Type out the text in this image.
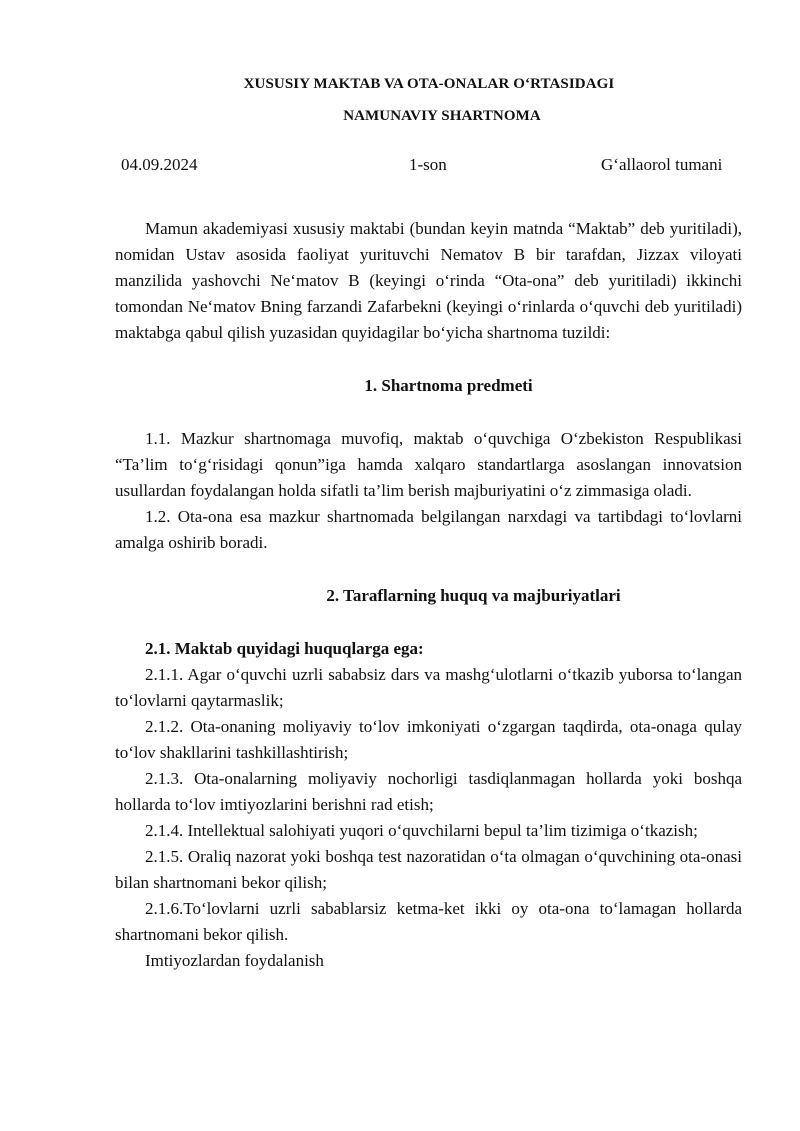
XUSUSIY MAKTAB VA OTA-ONALAR O‘RTASIDAGI
NAMUNAVIY SHARTNOMA
04.09.2024	1-son	G‘allaorol tumani

Mamun akademiyasi xususiy maktabi (bundan keyin matnda “Maktab” deb yuritiladi), nomidan Ustav asosida faoliyat yurituvchi Nematov B bir tarafdan, Jizzax viloyati manzilida yashovchi Ne‘matov B (keyingi o‘rinda “Ota-ona” deb yuritiladi) ikkinchi tomondan Ne‘matov Bning farzandi Zafarbekni (keyingi o‘rinlarda o‘quvchi deb yuritiladi) maktabga qabul qilish yuzasidan quyidagilar bo‘yicha shartnoma tuzildi:

1. Shartnoma predmeti

1.1. Mazkur shartnomaga muvofiq, maktab o‘quvchiga O‘zbekiston Respublikasi “Ta’lim to‘g‘risidagi qonun”iga hamda xalqaro standartlarga asoslangan innovatsion usullardan foydalangan holda sifatli ta’lim berish majburiyatini o‘z zimmasiga oladi.

1.2. Ota-ona esa mazkur shartnomada belgilangan narxdagi va tartibdagi to‘lovlarni amalga oshirib boradi.

2. Taraflarning huquq va majburiyatlari

2.1. Maktab quyidagi huquqlarga ega:

2.1.1. Agar o‘quvchi uzrli sababsiz dars va mashg‘ulotlarni o‘tkazib yuborsa to‘langan to‘lovlarni qaytarmaslik;

2.1.2. Ota-onaning moliyaviy to‘lov imkoniyati o‘zgargan taqdirda, ota-onaga qulay to‘lov shakllarini tashkillashtirish;

2.1.3. Ota-onalarning moliyaviy nochorligi tasdiqlanmagan hollarda yoki boshqa hollarda to‘lov imtiyozlarini berishni rad etish;

2.1.4. Intellektual salohiyati yuqori o‘quvchilarni bepul ta’lim tizimiga o‘tkazish;

2.1.5. Oraliq nazorat yoki boshqa test nazoratidan o‘ta olmagan o‘quvchining ota-onasi bilan shartnomani bekor qilish;

2.1.6.To‘lovlarni uzrli sabablarsiz ketma-ket ikki oy ota-ona to‘lamagan hollarda shartnomani bekor qilish.

Imtiyozlardan foydalanish
